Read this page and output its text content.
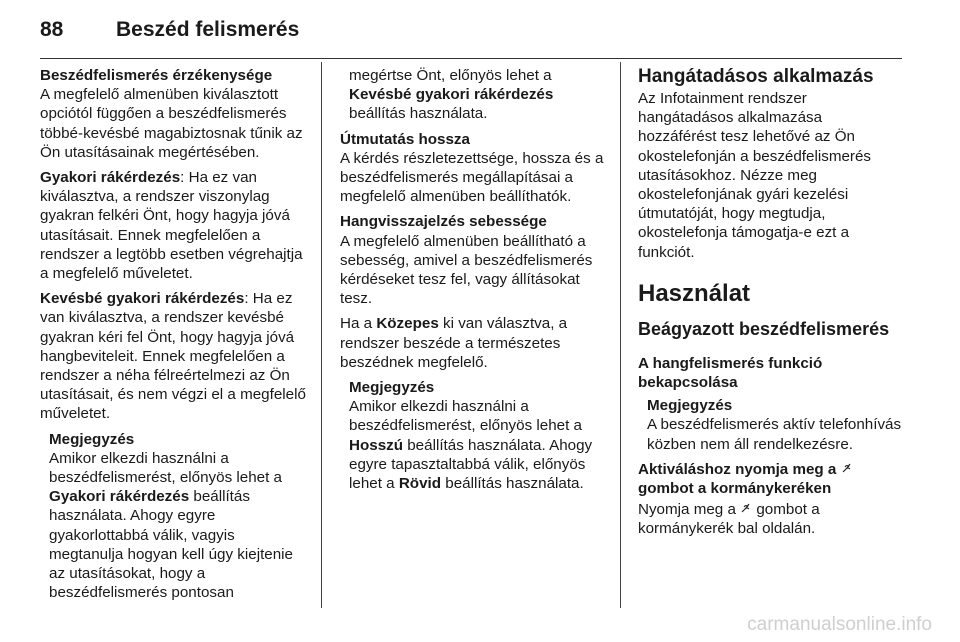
88	Beszéd felismerés

Beszédfelismerés érzékenysége
A megfelelő almenüben kiválasztott opciótól függően a beszédfelismerés többé-kevésbé magabiztosnak tűnik az Ön utasításainak megértésében.

Gyakori rákérdezés: Ha ez van kiválasztva, a rendszer viszonylag gyakran felkéri Önt, hogy hagyja jóvá utasításait. Ennek megfelelően a rendszer a legtöbb esetben végrehajtja a megfelelő műveletet.

Kevésbé gyakori rákérdezés: Ha ez van kiválasztva, a rendszer kevésbé gyakran kéri fel Önt, hogy hagyja jóvá hangbeviteleit. Ennek megfelelően a rendszer a néha félreértelmezi az Ön utasításait, és nem végzi el a megfelelő műveletet.

Megjegyzés
Amikor elkezdi használni a beszédfelismerést, előnyös lehet a Gyakori rákérdezés beállítás használata. Ahogy egyre gyakorlottabbá válik, vagyis megtanulja hogyan kell úgy kiejtenie az utasításokat, hogy a beszédfelismerés pontosan

megértse Önt, előnyös lehet a Kevésbé gyakori rákérdezés beállítás használata.

Útmutatás hossza
A kérdés részletezettsége, hossza és a beszédfelismerés megállapításai a megfelelő almenüben beállíthatók.

Hangvisszajelzés sebessége
A megfelelő almenüben beállítható a sebesség, amivel a beszédfelismerés kérdéseket tesz fel, vagy állításokat tesz.

Ha a Közepes ki van választva, a rendszer beszéde a természetes beszédnek megfelelő.

Megjegyzés
Amikor elkezdi használni a beszédfelismerést, előnyös lehet a Hosszú beállítás használata. Ahogy egyre tapasztaltabbá válik, előnyös lehet a Rövid beállítás használata.
Hangátadásos alkalmazás

Az Infotainment rendszer hangátadásos alkalmazása hozzáférést tesz lehetővé az Ön okostelefonján a beszédfelismerés utasításokhoz. Nézze meg okostelefonjának gyári kezelési útmutatóját, hogy megtudja, okostelefonja támogatja-e ezt a funkciót.

Használat
Beágyazott beszédfelismerés
A hangfelismerés funkció bekapcsolása
Megjegyzés
A beszédfelismerés aktív telefonhívás közben nem áll rendelkezésre.

Aktiváláshoz nyomja meg a  gombot a kormánykeréken

Nyomja meg a  gombot a kormánykerék bal oldalán.

carmanualsonline.info
